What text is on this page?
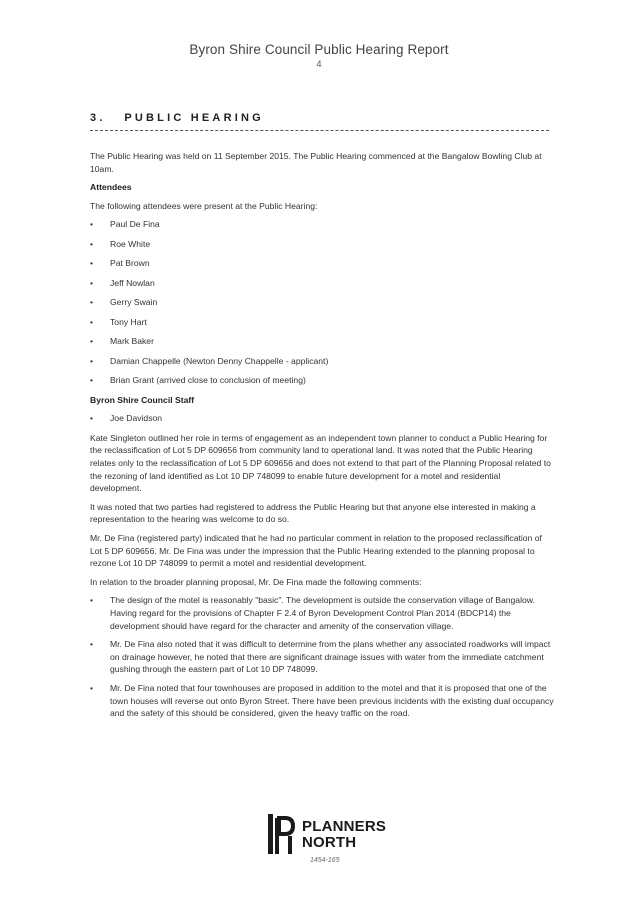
Byron Shire Council Public Hearing Report
4
3.   PUBLIC HEARING

The Public Hearing was held on 11 September 2015. The Public Hearing commenced at the Bangalow Bowling Club at 10am.

Attendees

The following attendees were present at the Public Hearing:

• Paul De Fina
• Roe White
• Pat Brown
• Jeff Nowlan
• Gerry Swain
• Tony Hart
• Mark Baker
• Damian Chappelle (Newton Denny Chappelle - applicant)
• Brian Grant (arrived close to conclusion of meeting)
Byron Shire Council Staff
• Joe Davidson

Kate Singleton outlined her role in terms of engagement as an independent town planner to conduct a Public Hearing for the reclassification of Lot 5 DP 609656 from community land to operational land. It was noted that the Public Hearing relates only to the reclassification of Lot 5 DP 609656 and does not extend to that part of the Planning Proposal related to the rezoning of land identified as Lot 10 DP 748099 to enable future development for a motel and residential development.

It was noted that two parties had registered to address the Public Hearing but that anyone else interested in making a representation to the hearing was welcome to do so.

Mr. De Fina (registered party) indicated that he had no particular comment in relation to the proposed reclassification of Lot 5 DP 609656. Mr. De Fina was under the impression that the Public Hearing extended to the planning proposal to rezone Lot 10 DP 748099 to permit a motel and residential development.

In relation to the broader planning proposal, Mr. De Fina made the following comments:

• The design of the motel is reasonably "basic". The development is outside the conservation village of Bangalow. Having regard for the provisions of Chapter F 2.4 of Byron Development Control Plan 2014 (BDCP14) the development should have regard for the character and amenity of the conservation village.
• Mr. De Fina also noted that it was difficult to determine from the plans whether any associated roadworks will impact on drainage however, he noted that there are significant drainage issues with water from the immediate catchment gushing through the eastern part of Lot 10 DP 748099.
• Mr. De Fina noted that four townhouses are proposed in addition to the motel and that it is proposed that one of the town houses will reverse out onto Byron Street. There have been previous incidents with the existing dual occupancy and the safety of this should be considered, given the heavy traffic on the road.
PLANNERS
NORTH
1454-165
